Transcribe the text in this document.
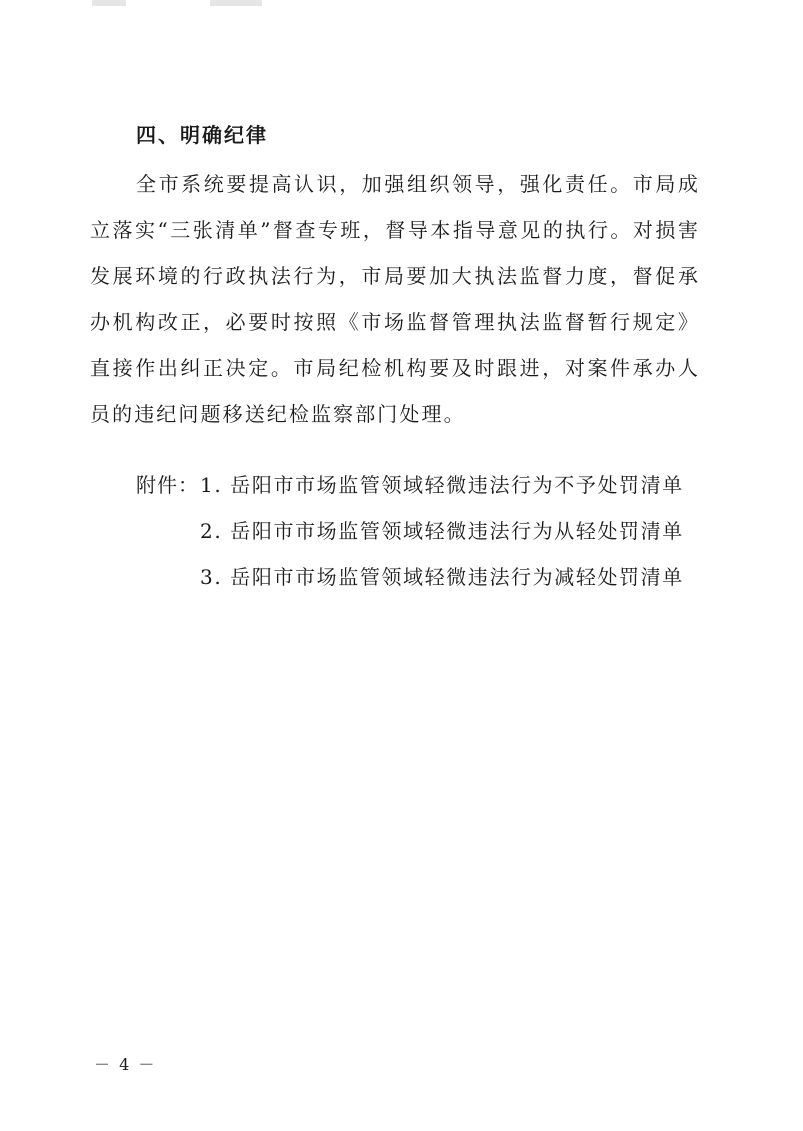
四、明确纪律

全市系统要提高认识，加强组织领导，强化责任。市局成立落实“三张清单”督查专班，督导本指导意见的执行。对损害发展环境的行政执法行为，市局要加大执法监督力度，督促承办机构改正，必要时按照《市场监督管理执法监督暂行规定》直接作出纠正决定。市局纪检机构要及时跟进，对案件承办人员的违纪问题移送纪检监察部门处理。

附件： 1. 岳阳市市场监管领域轻微违法行为不予处罚清单
2. 岳阳市市场监管领域轻微违法行为从轻处罚清单
3. 岳阳市市场监管领域轻微违法行为减轻处罚清单
－ 4 －
